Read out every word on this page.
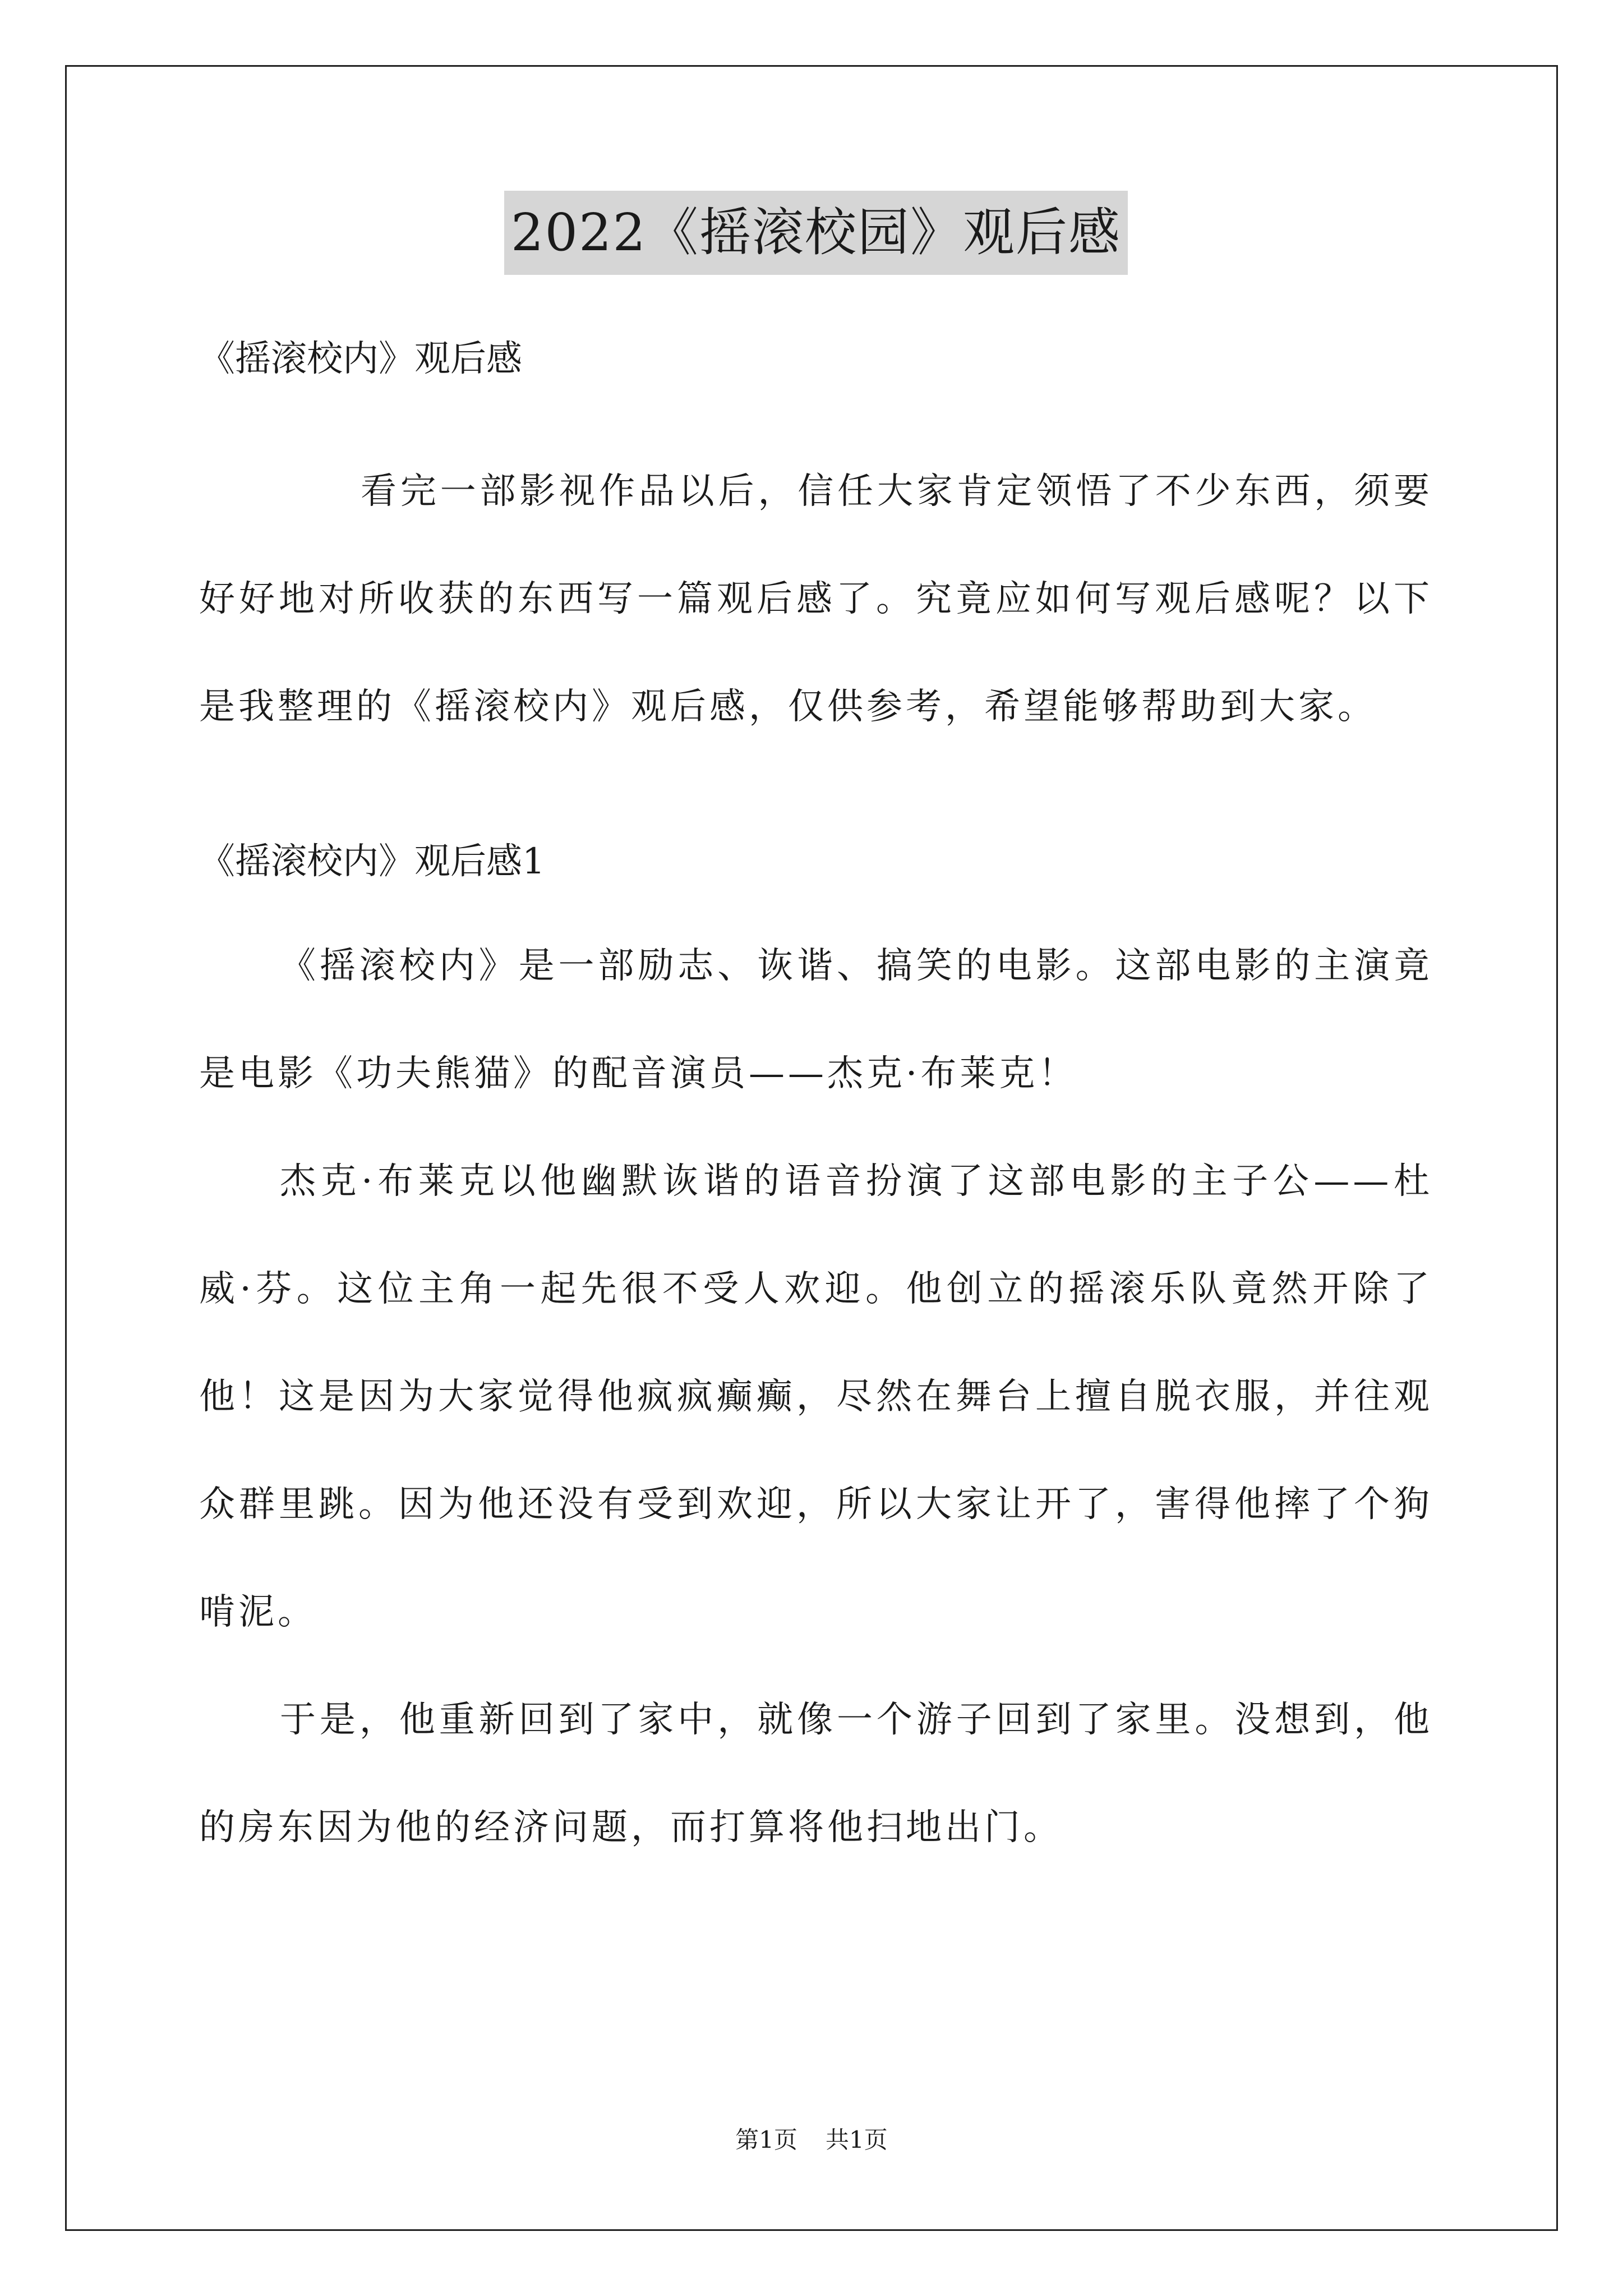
2022《摇滚校园》观后感
《摇滚校内》观后感

看完一部影视作品以后，信任大家肯定领悟了不少东西，须要好好地对所收获的东西写一篇观后感了。究竟应如何写观后感呢？以下是我整理的《摇滚校内》观后感，仅供参考，希望能够帮助到大家。

《摇滚校内》观后感1

《摇滚校内》是一部励志、诙谐、搞笑的电影。这部电影的主演竟是电影《功夫熊猫》的配音演员——杰克·布莱克！

杰克·布莱克以他幽默诙谐的语音扮演了这部电影的主子公——杜威·芬。这位主角一起先很不受人欢迎。他创立的摇滚乐队竟然开除了他！这是因为大家觉得他疯疯癫癫，尽然在舞台上擅自脱衣服，并往观众群里跳。因为他还没有受到欢迎，所以大家让开了，害得他摔了个狗啃泥。

于是，他重新回到了家中，就像一个游子回到了家里。没想到，他的房东因为他的经济问题，而打算将他扫地出门。

第1页 共1页
